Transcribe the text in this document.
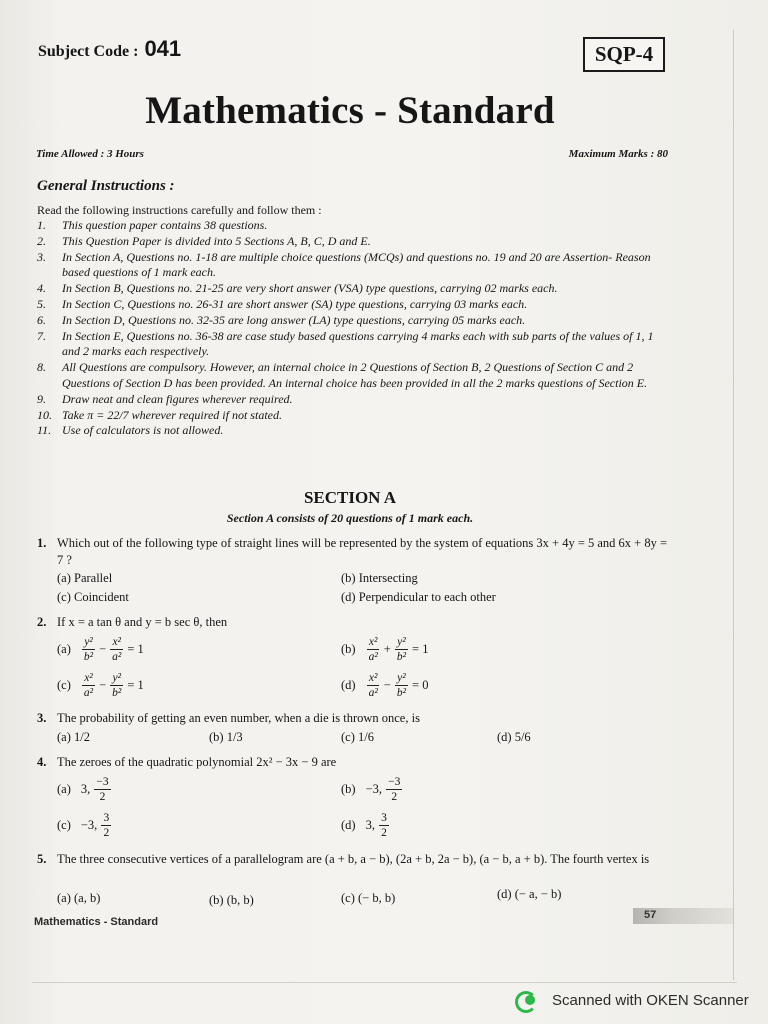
Subject Code : 041	SQP-4
Mathematics - Standard
Time Allowed : 3 Hours	Maximum Marks : 80
General Instructions :
Read the following instructions carefully and follow them :
1.	This question paper contains 38 questions.
2.	This Question Paper is divided into 5 Sections A, B, C, D and E.
3.	In Section A, Questions no. 1-18 are multiple choice questions (MCQs) and questions no. 19 and 20 are Assertion- Reason based questions of 1 mark each.
4.	In Section B, Questions no. 21-25 are very short answer (VSA) type questions, carrying 02 marks each.
5.	In Section C, Questions no. 26-31 are short answer (SA) type questions, carrying 03 marks each.
6.	In Section D, Questions no. 32-35 are long answer (LA) type questions, carrying 05 marks each.
7.	In Section E, Questions no. 36-38 are case study based questions carrying 4 marks each with sub parts of the values of 1, 1 and 2 marks each respectively.
8.	All Questions are compulsory. However, an internal choice in 2 Questions of Section B, 2 Questions of Section C and 2 Questions of Section D has been provided. An internal choice has been provided in all the 2 marks questions of Section E.
9.	Draw neat and clean figures wherever required.
10. Take π = 22/7 wherever required if not stated.
11. Use of calculators is not allowed.
SECTION A
Section A consists of 20 questions of 1 mark each.
1. Which out of the following type of straight lines will be represented by the system of equations 3x + 4y = 5 and 6x + 8y = 7 ?
(a) Parallel	(b) Intersecting
(c) Coincident	(d) Perpendicular to each other
2. If x = a tan θ and y = b sec θ, then
$(a) \frac{\text{y²}}{\text{b²}} - \frac{\text{x²}}{\text{a²}} = 1$	$(b) \frac{\text{x²}}{\text{a²}} + \frac{\text{y²}}{\text{b²}} = 1$
$(c) \frac{\text{x²}}{\text{a²}} - \frac{\text{y²}}{\text{b²}} = 1$	$(d) \frac{\text{x²}}{\text{a²}} - \frac{\text{y²}}{\text{b²}} = 0$
3. The probability of getting an even number, when a die is thrown once, is
(a) 1/2	(b) 1/3	(c) 1/6	(d) 5/6
4. The zeroes of the quadratic polynomial 2x² − 3x − 9 are
(a) 3,
$\frac{-3}{2}$	(b) −3,
$\frac{-3}{2}$
(c) −3,
$\frac{3}{2}$	(d) 3,
$\frac{3}{2}$
5. The three consecutive vertices of a parallelogram are (a + b, a − b), (2a + b, 2a − b), (a − b, a + b). The fourth vertex is
(a) (a, b)	(b) (b, b)	(c) (− b, b)	(d) (− a, − b)
Mathematics - Standard
57
Scanned with OKEN Scanner
